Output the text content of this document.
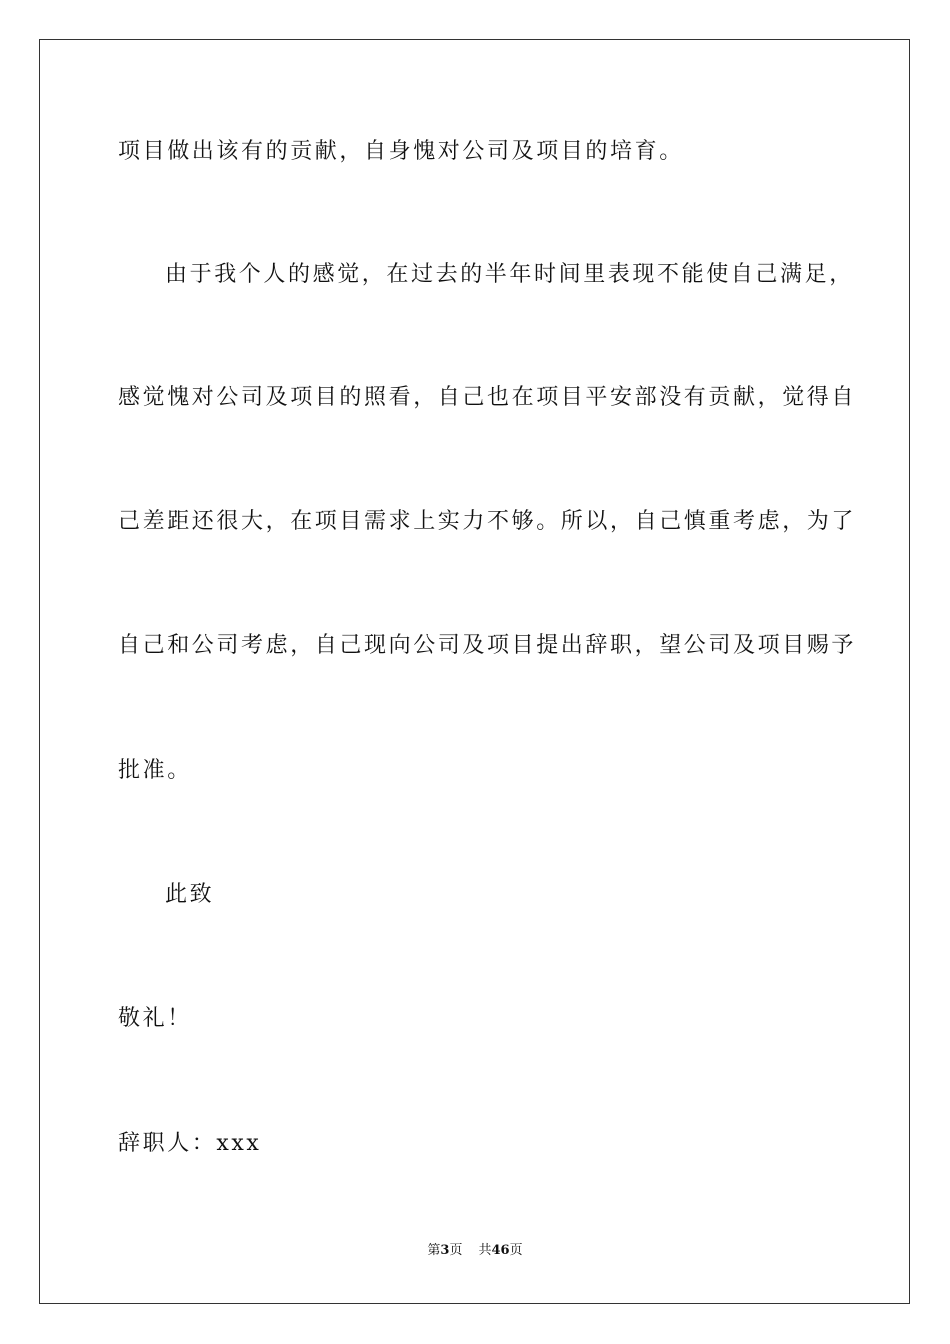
项目做出该有的贡献，自身愧对公司及项目的培育。
由于我个人的感觉，在过去的半年时间里表现不能使自己满足，
感觉愧对公司及项目的照看，自己也在项目平安部没有贡献，觉得自
己差距还很大，在项目需求上实力不够。所以，自己慎重考虑，为了
自己和公司考虑，自己现向公司及项目提出辞职，望公司及项目赐予
批准。
此致
敬礼！
辞职人：xxx
第3页 共46页
